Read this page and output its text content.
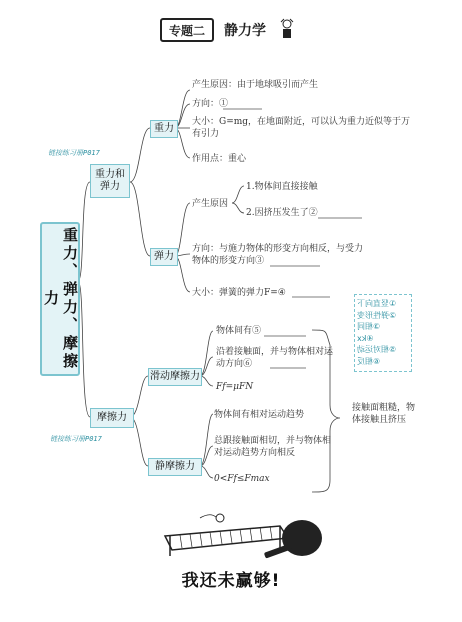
专题二	静力学
链接练习册P017
链接练习册P017
重力、弹力、摩擦力
重力和弹力
摩擦力
重力
产生原因：由于地球吸引而产生
方向：①
大小：G=mg，在地面附近，可以认为重力近似等于万有引力
作用点：重心
弹力
产生原因
1.物体间直接接触
2.因挤压发生了②
方向：与施力物体的形变方向相反，与受力物体的形变方向③
大小：弹簧的弹力F=④
①竖直向下
②弹性形变
③相同
④kx
⑤相对运动
⑥相反
滑动摩擦力
物体间有⑤
沿着接触面，并与物体相对运动方向⑥
Ff=μFN
静摩擦力
物体间有相对运动趋势
总跟接触面相切，并与物体相对运动趋势方向相反
0<Ff≤Fmax
接触面粗糙，物体接触且挤压
我还未赢够!
